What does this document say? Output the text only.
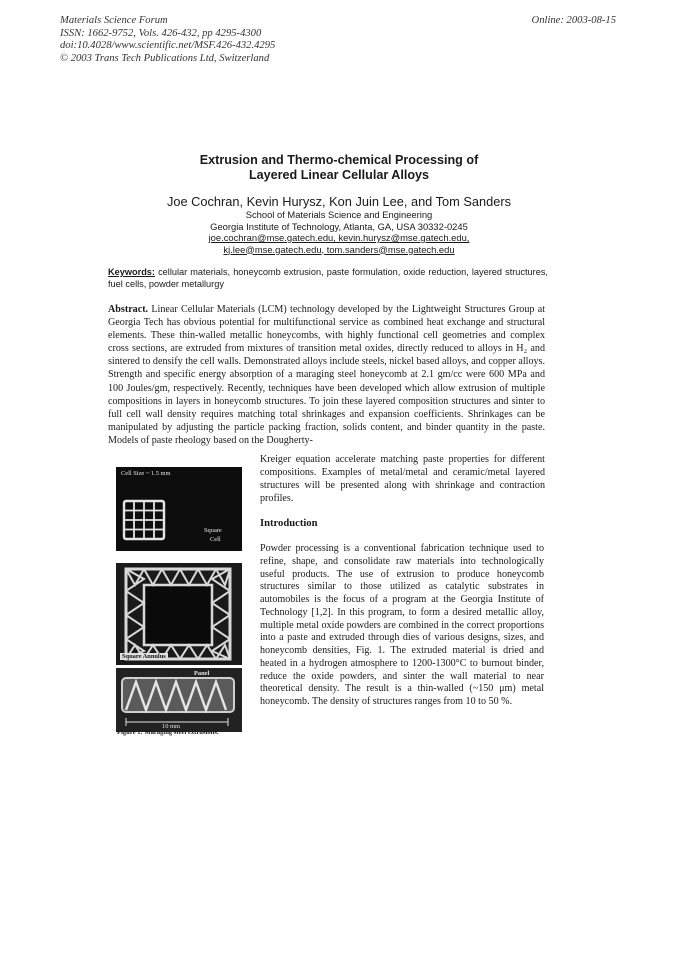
Materials Science Forum
ISSN: 1662-9752, Vols. 426-432, pp 4295-4300
doi:10.4028/www.scientific.net/MSF.426-432.4295
© 2003 Trans Tech Publications Ltd, Switzerland
Online: 2003-08-15
Extrusion and Thermo-chemical Processing of
Layered Linear Cellular Alloys
Joe Cochran, Kevin Hurysz, Kon Juin Lee, and Tom Sanders
School of Materials Science and Engineering
Georgia Institute of Technology, Atlanta, GA, USA 30332-0245
joe.cochran@mse.gatech.edu, kevin.hurysz@mse.gatech.edu,
kj.lee@mse.gatech.edu, tom.sanders@mse.gatech.edu
Keywords: cellular materials, honeycomb extrusion, paste formulation, oxide reduction, layered structures, fuel cells, powder metallurgy
Abstract. Linear Cellular Materials (LCM) technology developed by the Lightweight Structures Group at Georgia Tech has obvious potential for multifunctional service as combined heat exchange and structural elements. These thin-walled metallic honeycombs, with highly functional cell geometries and complex cross sections, are extruded from mixtures of transition metal oxides, directly reduced to alloys in H₂ and sintered to densify the cell walls. Demonstrated alloys include steels, nickel based alloys, and copper alloys. Strength and specific energy absorption of a maraging steel honeycomb at 2.1 gm/cc were 600 MPa and 100 Joules/gm, respectively. Recently, techniques have been developed which allow extrusion of multiple compositions in layers in honeycomb structures. To join these layered composition structures and sinter to full cell wall density requires matching total shrinkages and expansion coefficients. Shrinkages can be manipulated by adjusting the particle packing fraction, solids content, and binder quantity in the paste. Models of paste rheology based on the Dougherty-
Kreiger equation accelerate matching paste properties for different compositions. Examples of metal/metal and ceramic/metal layered structures will be presented along with shrinkage and contraction profiles.
Introduction
Powder processing is a conventional fabrication technique used to refine, shape, and consolidate raw materials into technologically useful products. The use of extrusion to produce honeycomb structures similar to those utilized as catalytic substrates in automobiles is the focus of a program at the Georgia Institute of Technology [1,2]. In this program, to form a desired metallic alloy, multiple metal oxide powders are combined in the correct proportions into a paste and extruded through dies of various designs, sizes, and honeycomb densities, Fig. 1. The extruded material is dried and heated in a hydrogen atmosphere to 1200-1300°C to burnout binder, reduce the oxide powders, and sinter the wall material to near theoretical density. The result is a thin-walled (~150 μm) metal honeycomb. The density of structures ranges from 10 to 50 %.
Cell Size ~ 1.5 mm
Square
Cell
Square Annulus
Panel
10 mm
Figure 1: Maraging steel extrusions.
